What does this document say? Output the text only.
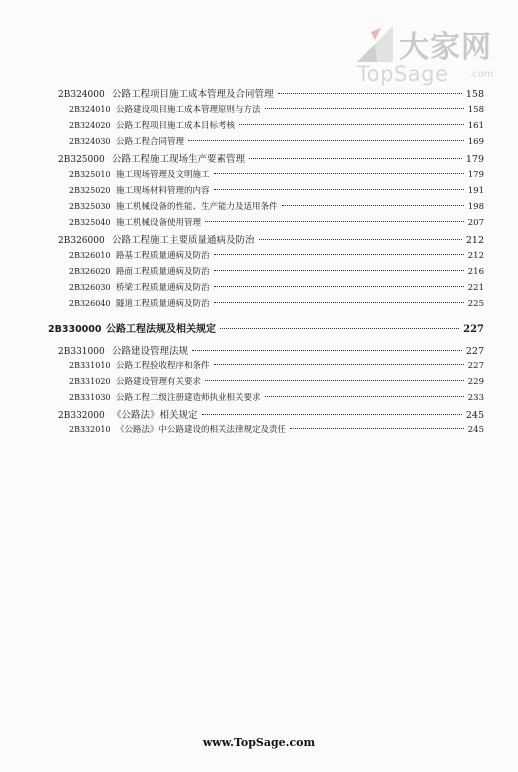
大家网
TopSage .com
2B324000 公路工程项目施工成本管理及合同管理	158
2B324010 公路建设项目施工成本管理原则与方法	158
2B324020 公路工程项目施工成本目标考核	161
2B324030 公路工程合同管理	169
2B325000 公路工程施工现场生产要素管理	179
2B325010 施工现场管理及文明施工	179
2B325020 施工现场材料管理的内容	191
2B325030 施工机械设备的性能、生产能力及适用条件	198
2B325040 施工机械设备使用管理	207
2B326000 公路工程施工主要质量通病及防治	212
2B326010 路基工程质量通病及防治	212
2B326020 路面工程质量通病及防治	216
2B326030 桥梁工程质量通病及防治	221
2B326040 隧道工程质量通病及防治	225
2B330000 公路工程法规及相关规定	227
2B331000 公路建设管理法规	227
2B331010 公路工程验收程序和条件	227
2B331020 公路建设管理有关要求	229
2B331030 公路工程二级注册建造师执业相关要求	233
2B332000 《公路法》相关规定	245
2B332010 《公路法》中公路建设的相关法律规定及责任	245
www.TopSage.com
